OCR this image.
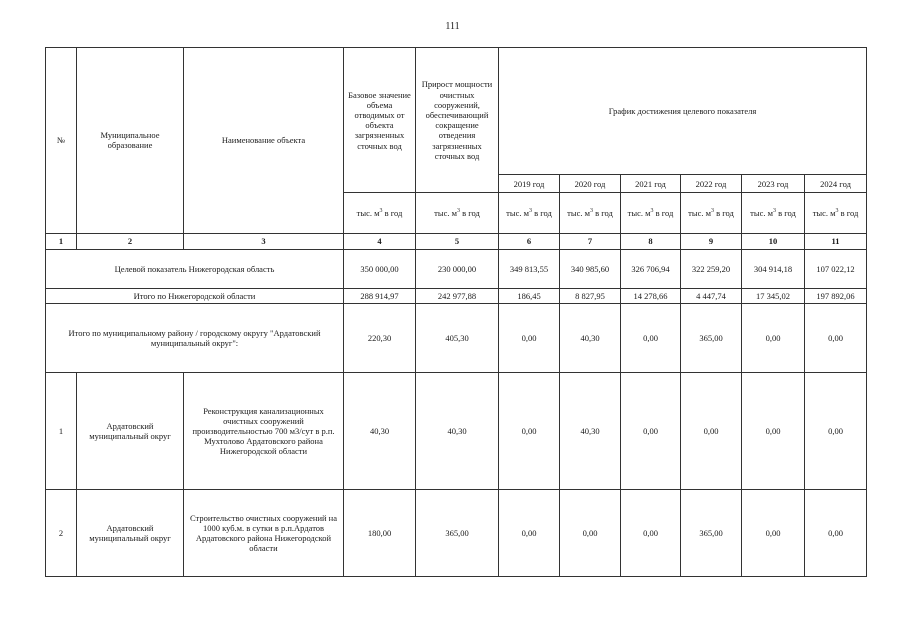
111
№	Муниципальное образование	Наименование объекта	Базовое значение объема отводимых от объекта загрязненных сточных вод	Прирост мощности очистных сооружений, обеспечивающий сокращение отведения загрязненных сточных вод	График достижения целевого показателя					
					2019 год	2020 год	2021 год	2022 год	2023 год	2024 год
			тыс. $м^3$ в год	тыс. $м^3$ в год	тыс. $м^3$ в год	тыс. $м^3$ в год	тыс. $м^3$ в год	тыс. $м^3$ в год	тыс. $м^3$ в год	тыс. $м^3$ в год
1	2	3	4	5	6	7	8	9	10	11
Целевой показатель Нижегородская область			350 000,00	230 000,00	349 813,55	340 985,60	326 706,94	322 259,20	304 914,18	107 022,12
Итого по Нижегородской области			288 914,97	242 977,88	186,45	8 827,95	14 278,66	4 447,74	17 345,02	197 892,06
Итого по муниципальному району / городскому округу "Ардатовский муниципальный округ":			220,30	405,30	0,00	40,30	0,00	365,00	0,00	0,00
1	Ардатовский муниципальный округ	Реконструкция канализационных очистных сооружений производительностью 700 м3/сут в р.п. Мухтолово Ардатовского района Нижегородской области	40,30	40,30	0,00	40,30	0,00	0,00	0,00	0,00
2	Ардатовский муниципальный округ	Строительство очистных сооружений на 1000 куб.м. в сутки в р.п.Ардатов Ардатовского района Нижегородской области	180,00	365,00	0,00	0,00	0,00	365,00	0,00	0,00
